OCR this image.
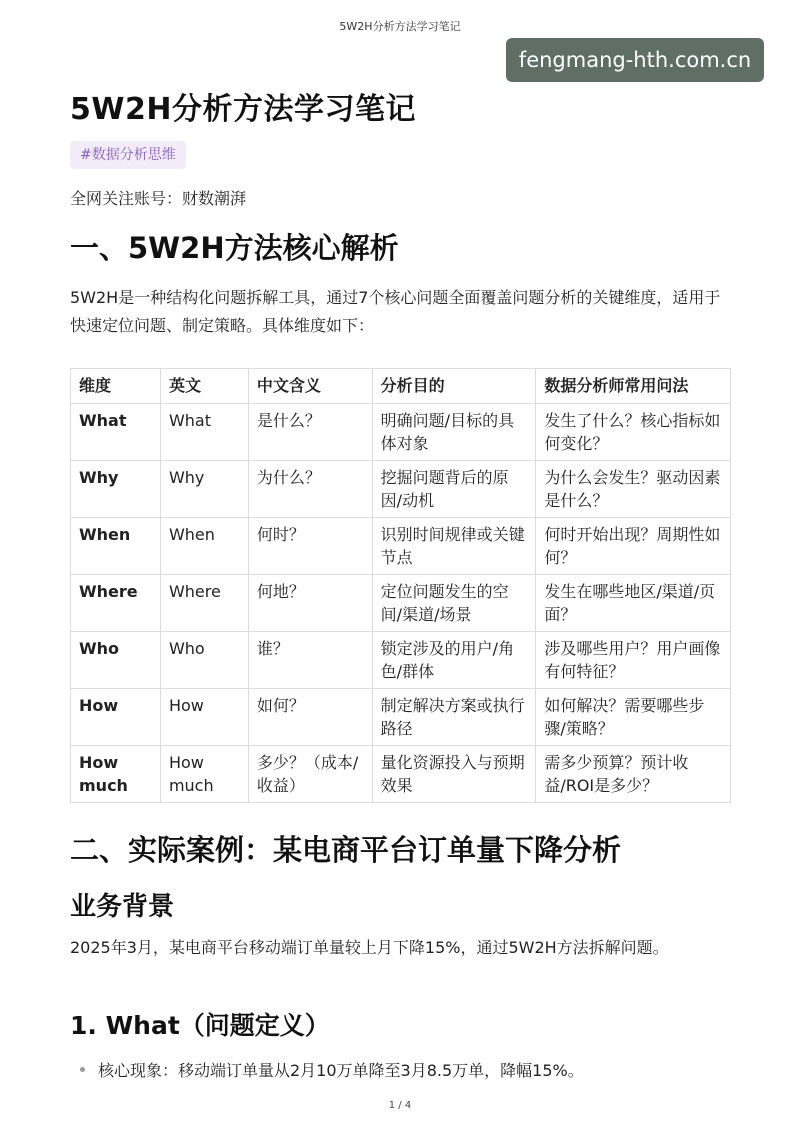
5W2H分析方法学习笔记
fengmang-hth.com.cn
5W2H分析方法学习笔记
#数据分析思维
全网关注账号：财数潮湃
一、5W2H方法核心解析

5W2H是一种结构化问题拆解工具，通过7个核心问题全面覆盖问题分析的关键维度，适用于快速定位问题、制定策略。具体维度如下：

维度	英文	中文含义	分析目的	数据分析师常用问法
What	What	是什么？	明确问题/目标的具体对象	发生了什么？核心指标如何变化？
Why	Why	为什么？	挖掘问题背后的原因/动机	为什么会发生？驱动因素是什么？
When	When	何时？	识别时间规律或关键节点	何时开始出现？周期性如何？
Where	Where	何地？	定位问题发生的空间/渠道/场景	发生在哪些地区/渠道/页面？
Who	Who	谁？	锁定涉及的用户/角色/群体	涉及哪些用户？用户画像有何特征？
How	How	如何？	制定解决方案或执行路径	如何解决？需要哪些步骤/策略？
How much	How much	多少？（成本/收益）	量化资源投入与预期效果	需多少预算？预计收益/ROI是多少？
二、实际案例：某电商平台订单量下降分析
业务背景

2025年3月，某电商平台移动端订单量较上月下降15%，通过5W2H方法拆解问题。

1. What（问题定义）
核心现象：移动端订单量从2月10万单降至3月8.5万单，降幅15%。
1 / 4
